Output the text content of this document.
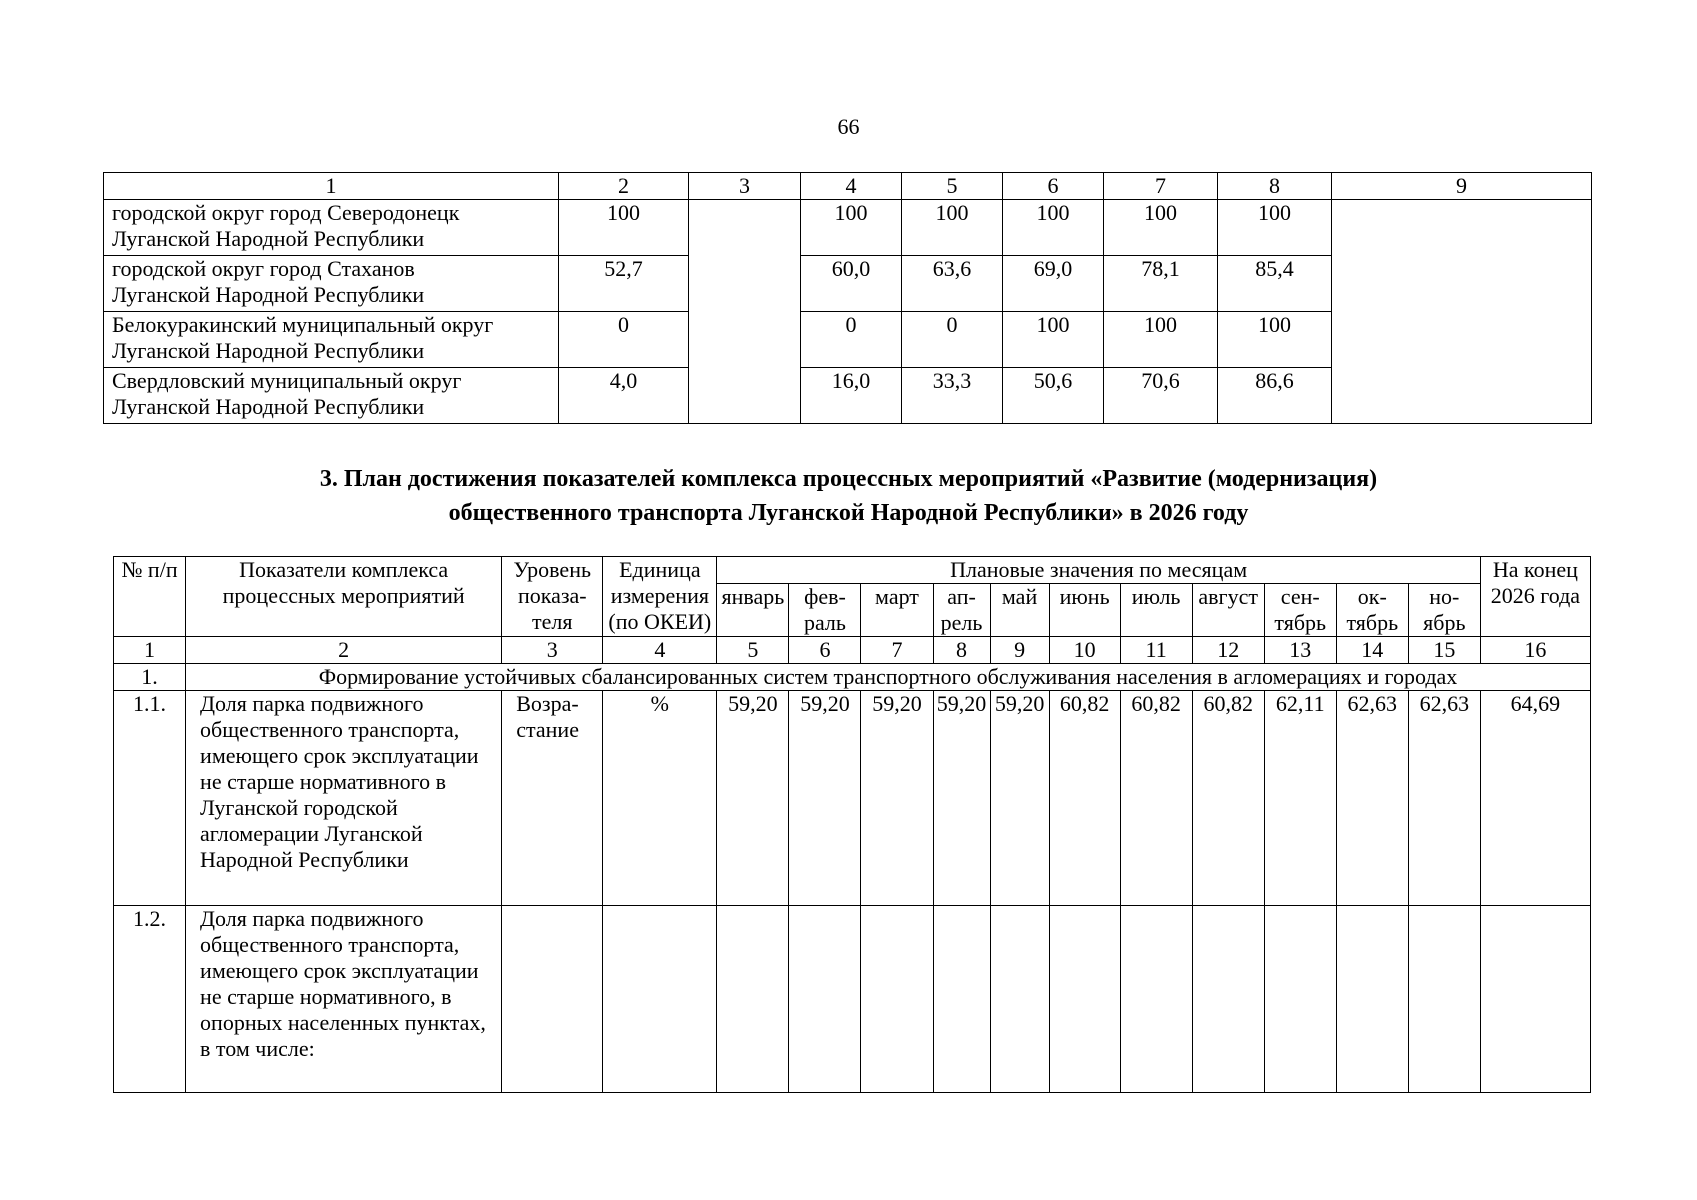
66
1	2	3	4	5	6	7	8	9
городской округ город Северодонецк
Луганской Народной Республики	100		100	100	100	100	100	
городской округ город Стаханов
Луганской Народной Республики	52,7		60,0	63,6	69,0	78,1	85,4	
Белокуракинский муниципальный округ
Луганской Народной Республики	0		0	0	100	100	100	
Свердловский муниципальный округ
Луганской Народной Республики	4,0		16,0	33,3	50,6	70,6	86,6	
3. План достижения показателей комплекса процессных мероприятий «Развитие (модернизация)
общественного транспорта Луганской Народной Республики» в 2026 году
№ п/п	Показатели комплекса процессных мероприятий	Уровень показа-теля	Единица измерения (по ОКЕИ)	Плановые значения по месяцам											На конец 2026 года
				январь	фев-раль	март	ап-рель	май	июнь	июль	август	сен-тябрь	ок-тябрь	но-ябрь	
1	2	3	4	5	6	7	8	9	10	11	12	13	14	15	16
1.	Формирование устойчивых сбалансированных систем транспортного обслуживания населения в агломерациях и городах														
1.1.	Доля парка подвижного общественного транспорта, имеющего срок эксплуатации не старше нормативного в Луганской городской агломерации Луганской Народной Республики	Возра-стание	%	59,20	59,20	59,20	59,20	59,20	60,82	60,82	60,82	62,11	62,63	62,63	64,69
1.2.	Доля парка подвижного общественного транспорта, имеющего срок эксплуатации не старше нормативного, в опорных населенных пунктах, в том числе:														
